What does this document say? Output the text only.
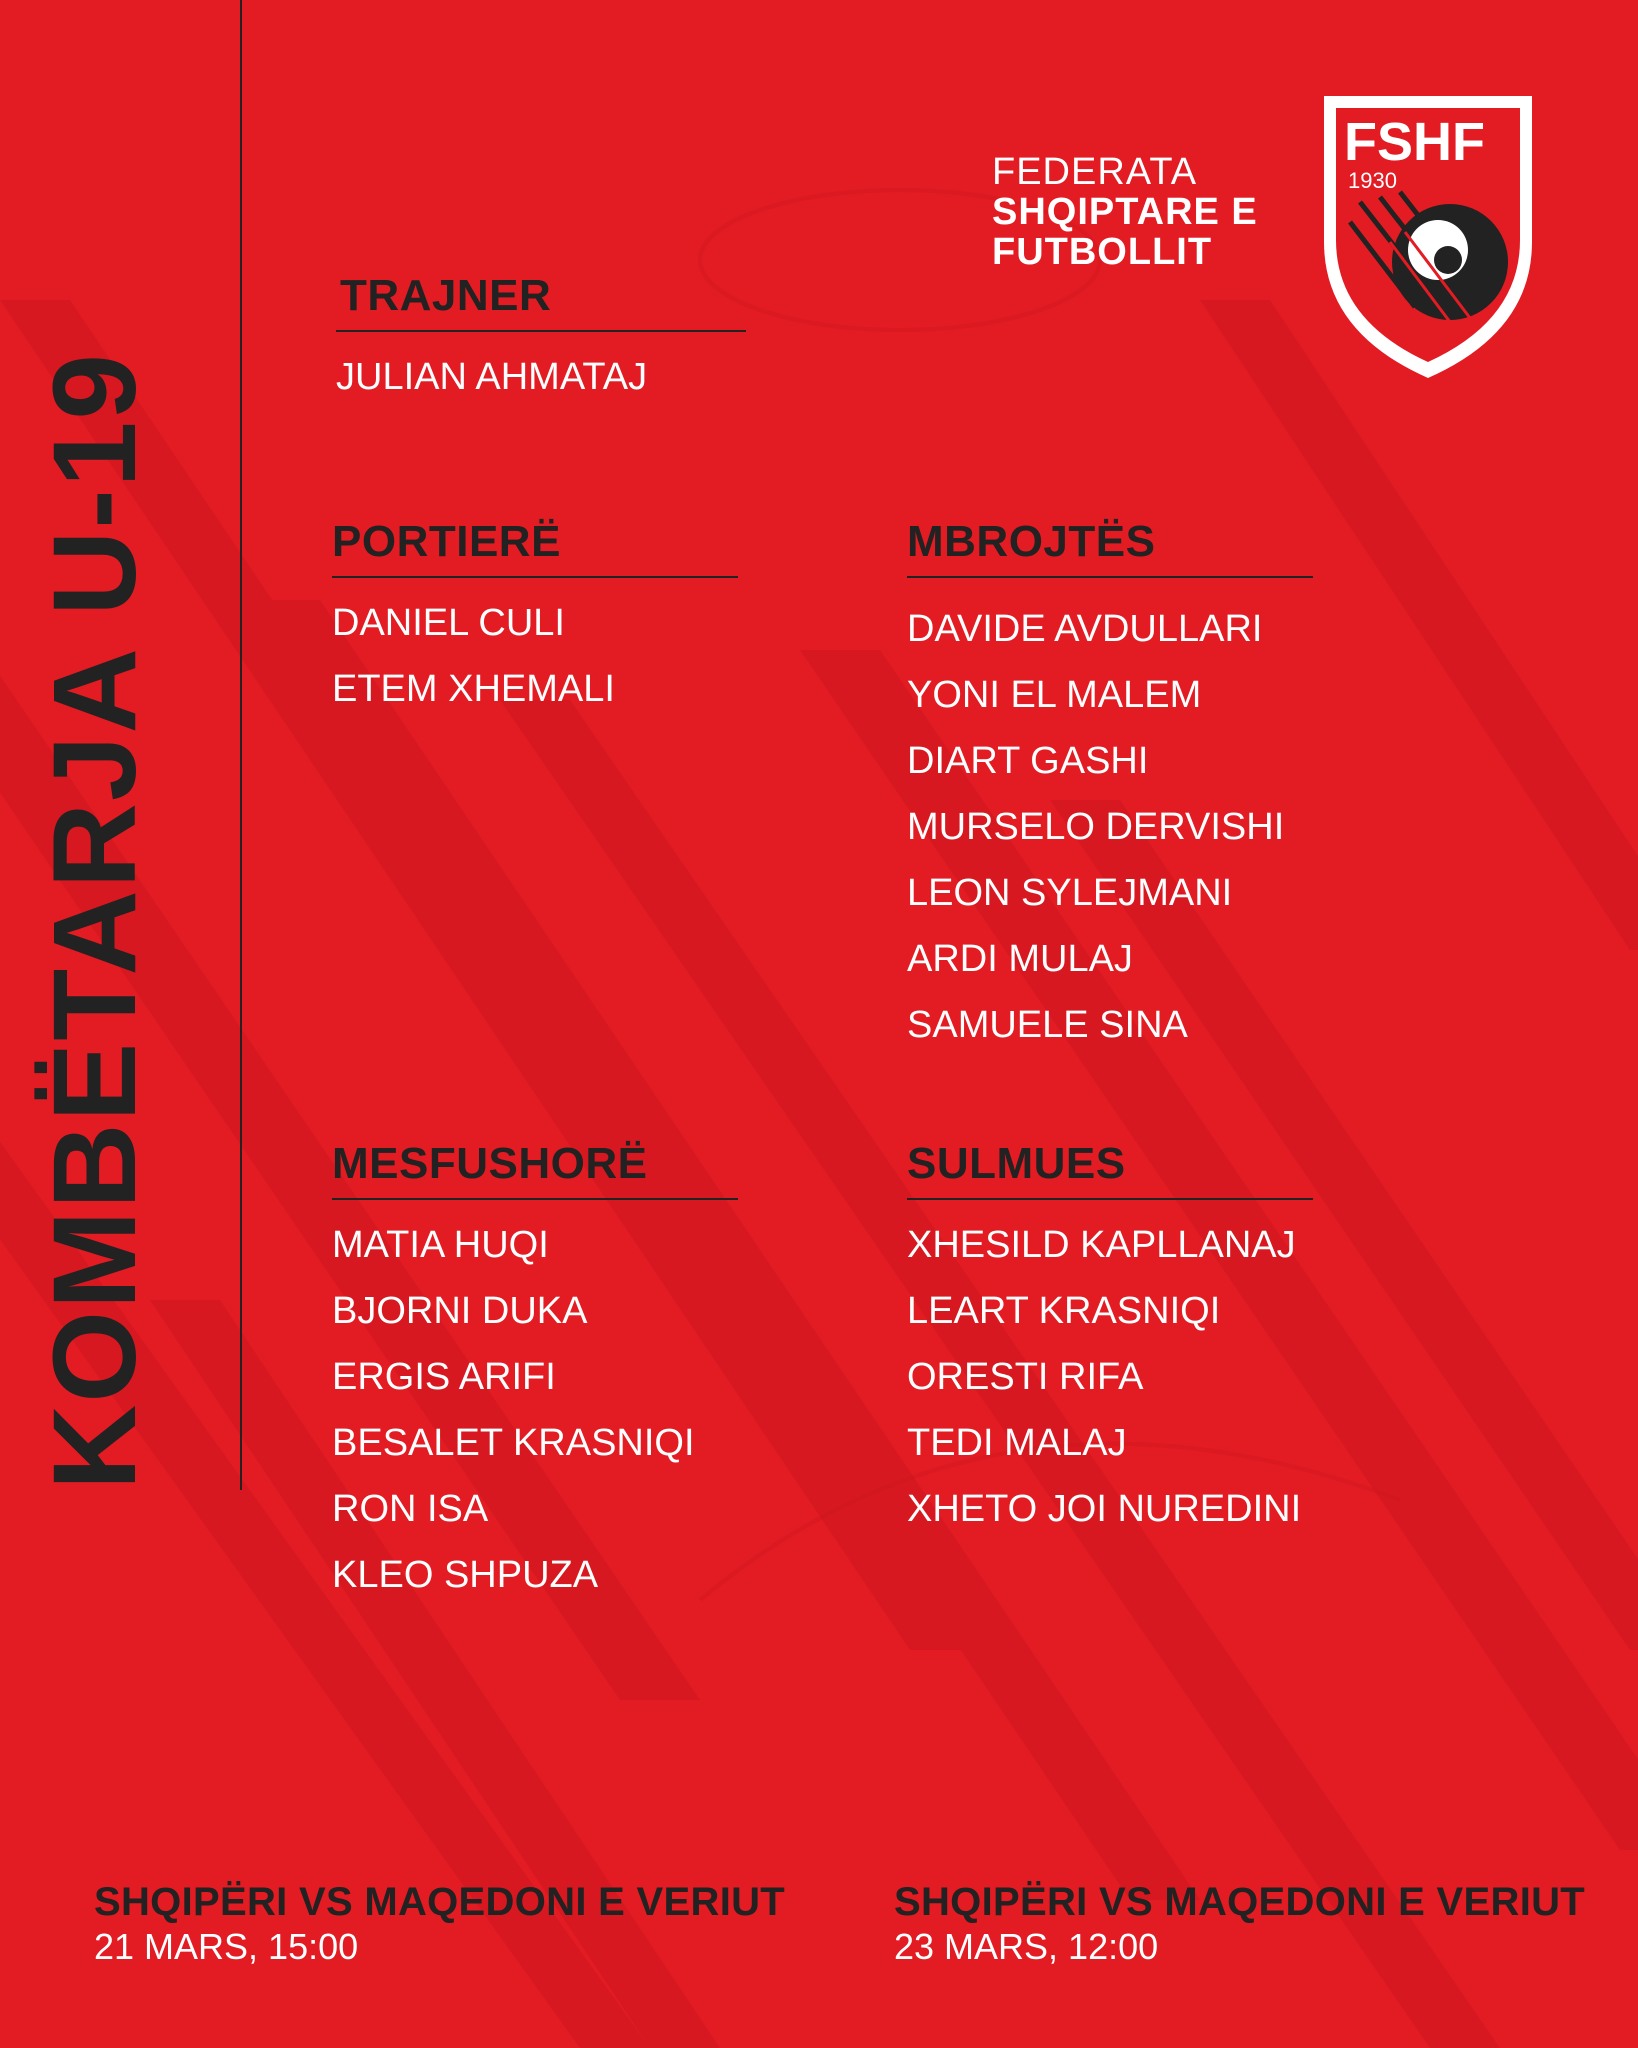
KOMBËTARJA U-19
FEDERATA
SHQIPTARE E
FUTBOLLIT
FSHF
1930
TRAJNER
JULIAN AHMATAJ
PORTIERË
DANIEL CULI
ETEM XHEMALI
MBROJTËS
DAVIDE AVDULLARI
YONI EL MALEM
DIART GASHI
MURSELO DERVISHI
LEON SYLEJMANI
ARDI MULAJ
SAMUELE SINA
MESFUSHORË
MATIA HUQI
BJORNI DUKA
ERGIS ARIFI
BESALET KRASNIQI
RON ISA
KLEO SHPUZA
SULMUES
XHESILD KAPLLANAJ
LEART KRASNIQI
ORESTI RIFA
TEDI MALAJ
XHETO JOI NUREDINI
SHQIPËRI VS MAQEDONI E VERIUT
21 MARS, 15:00
SHQIPËRI VS MAQEDONI E VERIUT
23 MARS, 12:00
